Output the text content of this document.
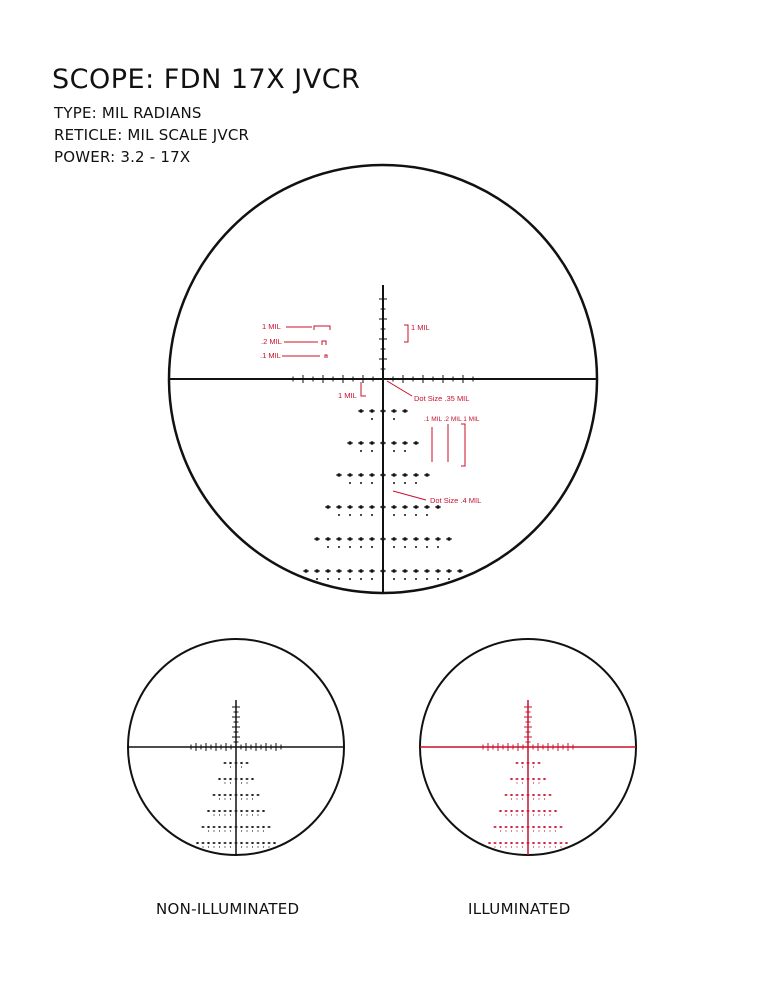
SCOPE: FDN 17X JVCR
TYPE: MIL RADIANS
RETICLE: MIL SCALE JVCR
POWER: 3.2 - 17X
1 MIL
.2 MIL
.1 MIL
1 MIL
1 MIL	Dot Size .35 MIL
.1 MIL .2 MIL 1 MIL
Dot Size .4 MIL
NON-ILLUMINATED	ILLUMINATED
